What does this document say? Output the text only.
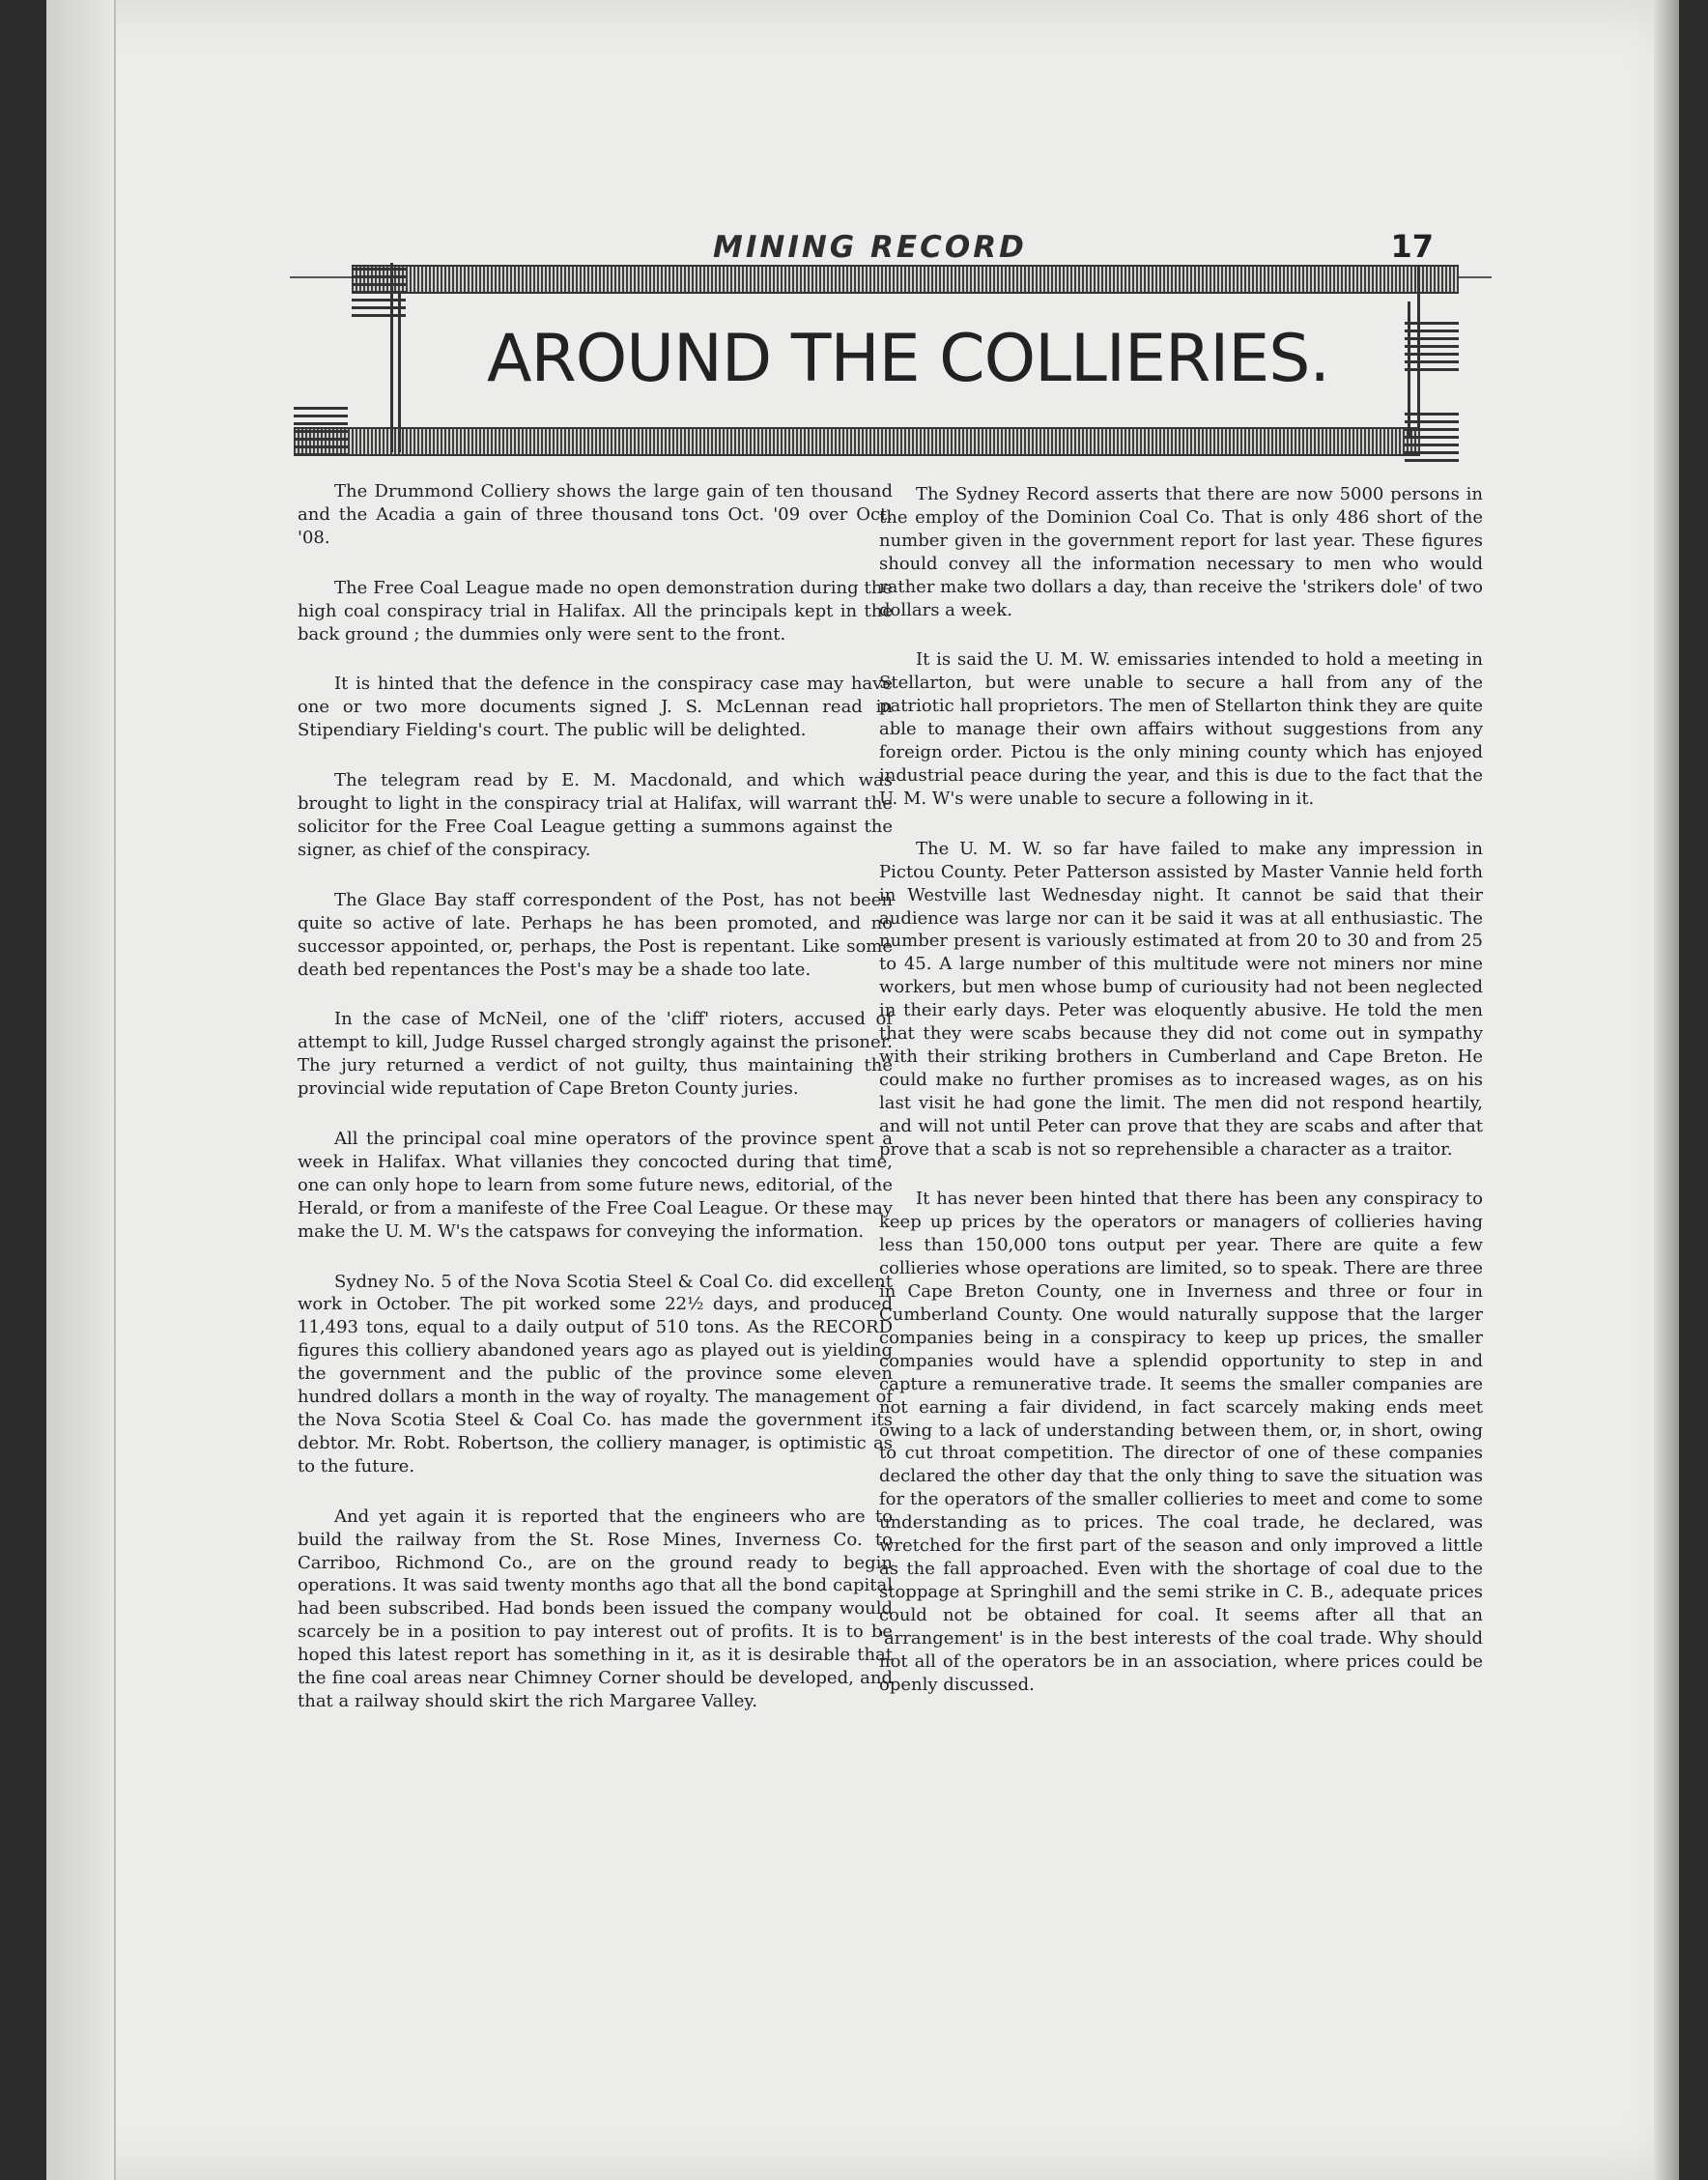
MINING RECORD	17
AROUND THE COLLIERIES.

The Drummond Colliery shows the large gain of ten thousand and the Acadia a gain of three thousand tons Oct. '09 over Oct. '08.

The Free Coal League made no open demonstration during the high coal conspiracy trial in Halifax. All the principals kept in the back ground ; the dummies only were sent to the front.

It is hinted that the defence in the conspiracy case may have one or two more documents signed J. S. McLennan read in Stipendiary Fielding's court. The public will be delighted.

The telegram read by E. M. Macdonald, and which was brought to light in the conspiracy trial at Halifax, will warrant the solicitor for the Free Coal League getting a summons against the signer, as chief of the conspiracy.

The Glace Bay staff correspondent of the Post, has not been quite so active of late. Perhaps he has been promoted, and no successor appointed, or, perhaps, the Post is repentant. Like some death bed repentances the Post's may be a shade too late.

In the case of McNeil, one of the 'cliff' rioters, accused of attempt to kill, Judge Russel charged strongly against the prisoner. The jury returned a verdict of not guilty, thus maintaining the provincial wide reputation of Cape Breton County juries.

All the principal coal mine operators of the province spent a week in Halifax. What villanies they concocted during that time, one can only hope to learn from some future news, editorial, of the Herald, or from a manifeste of the Free Coal League. Or these may make the U. M. W's the catspaws for conveying the information.

Sydney No. 5 of the Nova Scotia Steel & Coal Co. did excellent work in October. The pit worked some 22½ days, and produced 11,493 tons, equal to a daily output of 510 tons. As the RECORD figures this colliery abandoned years ago as played out is yielding the government and the public of the province some eleven hundred dollars a month in the way of royalty. The management of the Nova Scotia Steel & Coal Co. has made the government its debtor. Mr. Robt. Robertson, the colliery manager, is optimistic as to the future.

And yet again it is reported that the engineers who are to build the railway from the St. Rose Mines, Inverness Co. to Carriboo, Richmond Co., are on the ground ready to begin operations. It was said twenty months ago that all the bond capital had been subscribed. Had bonds been issued the company would scarcely be in a position to pay interest out of profits. It is to be hoped this latest report has something in it, as it is desirable that the fine coal areas near Chimney Corner should be developed, and that a railway should skirt the rich Margaree Valley.

The Sydney Record asserts that there are now 5000 persons in the employ of the Dominion Coal Co. That is only 486 short of the number given in the government report for last year. These figures should convey all the information necessary to men who would rather make two dollars a day, than receive the 'strikers dole' of two dollars a week.

It is said the U. M. W. emissaries intended to hold a meeting in Stellarton, but were unable to secure a hall from any of the patriotic hall proprietors. The men of Stellarton think they are quite able to manage their own affairs without suggestions from any foreign order. Pictou is the only mining county which has enjoyed industrial peace during the year, and this is due to the fact that the U. M. W's were unable to secure a following in it.

The U. M. W. so far have failed to make any impression in Pictou County. Peter Patterson assisted by Master Vannie held forth in Westville last Wednesday night. It cannot be said that their audience was large nor can it be said it was at all enthusiastic. The number present is variously estimated at from 20 to 30 and from 25 to 45. A large number of this multitude were not miners nor mine workers, but men whose bump of curiousity had not been neglected in their early days. Peter was eloquently abusive. He told the men that they were scabs because they did not come out in sympathy with their striking brothers in Cumberland and Cape Breton. He could make no further promises as to increased wages, as on his last visit he had gone the limit. The men did not respond heartily, and will not until Peter can prove that they are scabs and after that prove that a scab is not so reprehensible a character as a traitor.

It has never been hinted that there has been any conspiracy to keep up prices by the operators or managers of collieries having less than 150,000 tons output per year. There are quite a few collieries whose operations are limited, so to speak. There are three in Cape Breton County, one in Inverness and three or four in Cumberland County. One would naturally suppose that the larger companies being in a conspiracy to keep up prices, the smaller companies would have a splendid opportunity to step in and capture a remunerative trade. It seems the smaller companies are not earning a fair dividend, in fact scarcely making ends meet owing to a lack of understanding between them, or, in short, owing to cut throat competition. The director of one of these companies declared the other day that the only thing to save the situation was for the operators of the smaller collieries to meet and come to some understanding as to prices. The coal trade, he declared, was wretched for the first part of the season and only improved a little as the fall approached. Even with the shortage of coal due to the stoppage at Springhill and the semi strike in C. B., adequate prices could not be obtained for coal. It seems after all that an 'arrangement' is in the best interests of the coal trade. Why should not all of the operators be in an association, where prices could be openly discussed.
